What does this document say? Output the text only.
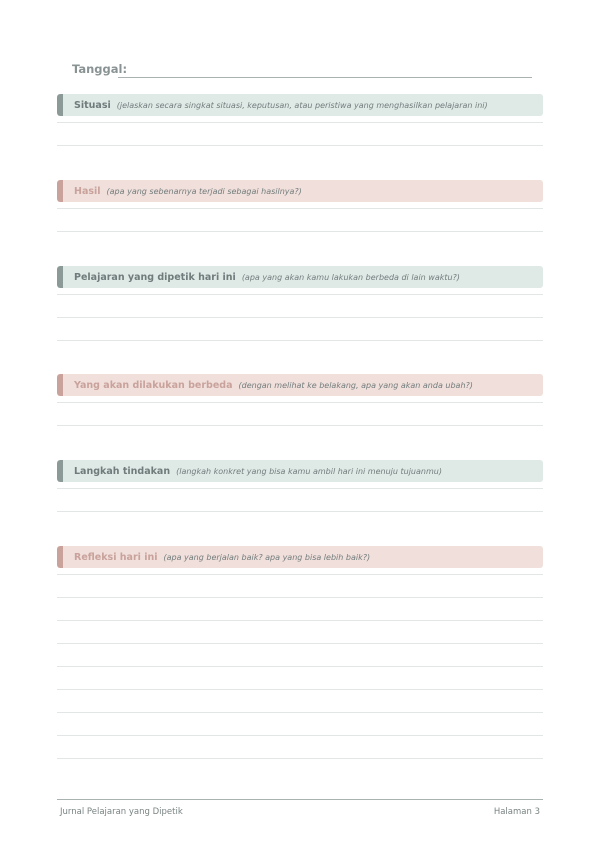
Tanggal:
Situasi (jelaskan secara singkat situasi, keputusan, atau peristiwa yang menghasilkan pelajaran ini)
Hasil (apa yang sebenarnya terjadi sebagai hasilnya?)
Pelajaran yang dipetik hari ini (apa yang akan kamu lakukan berbeda di lain waktu?)
Yang akan dilakukan berbeda (dengan melihat ke belakang, apa yang akan anda ubah?)
Langkah tindakan (langkah konkret yang bisa kamu ambil hari ini menuju tujuanmu)
Refleksi hari ini (apa yang berjalan baik? apa yang bisa lebih baik?)
Jurnal Pelajaran yang Dipetik	Halaman 3
